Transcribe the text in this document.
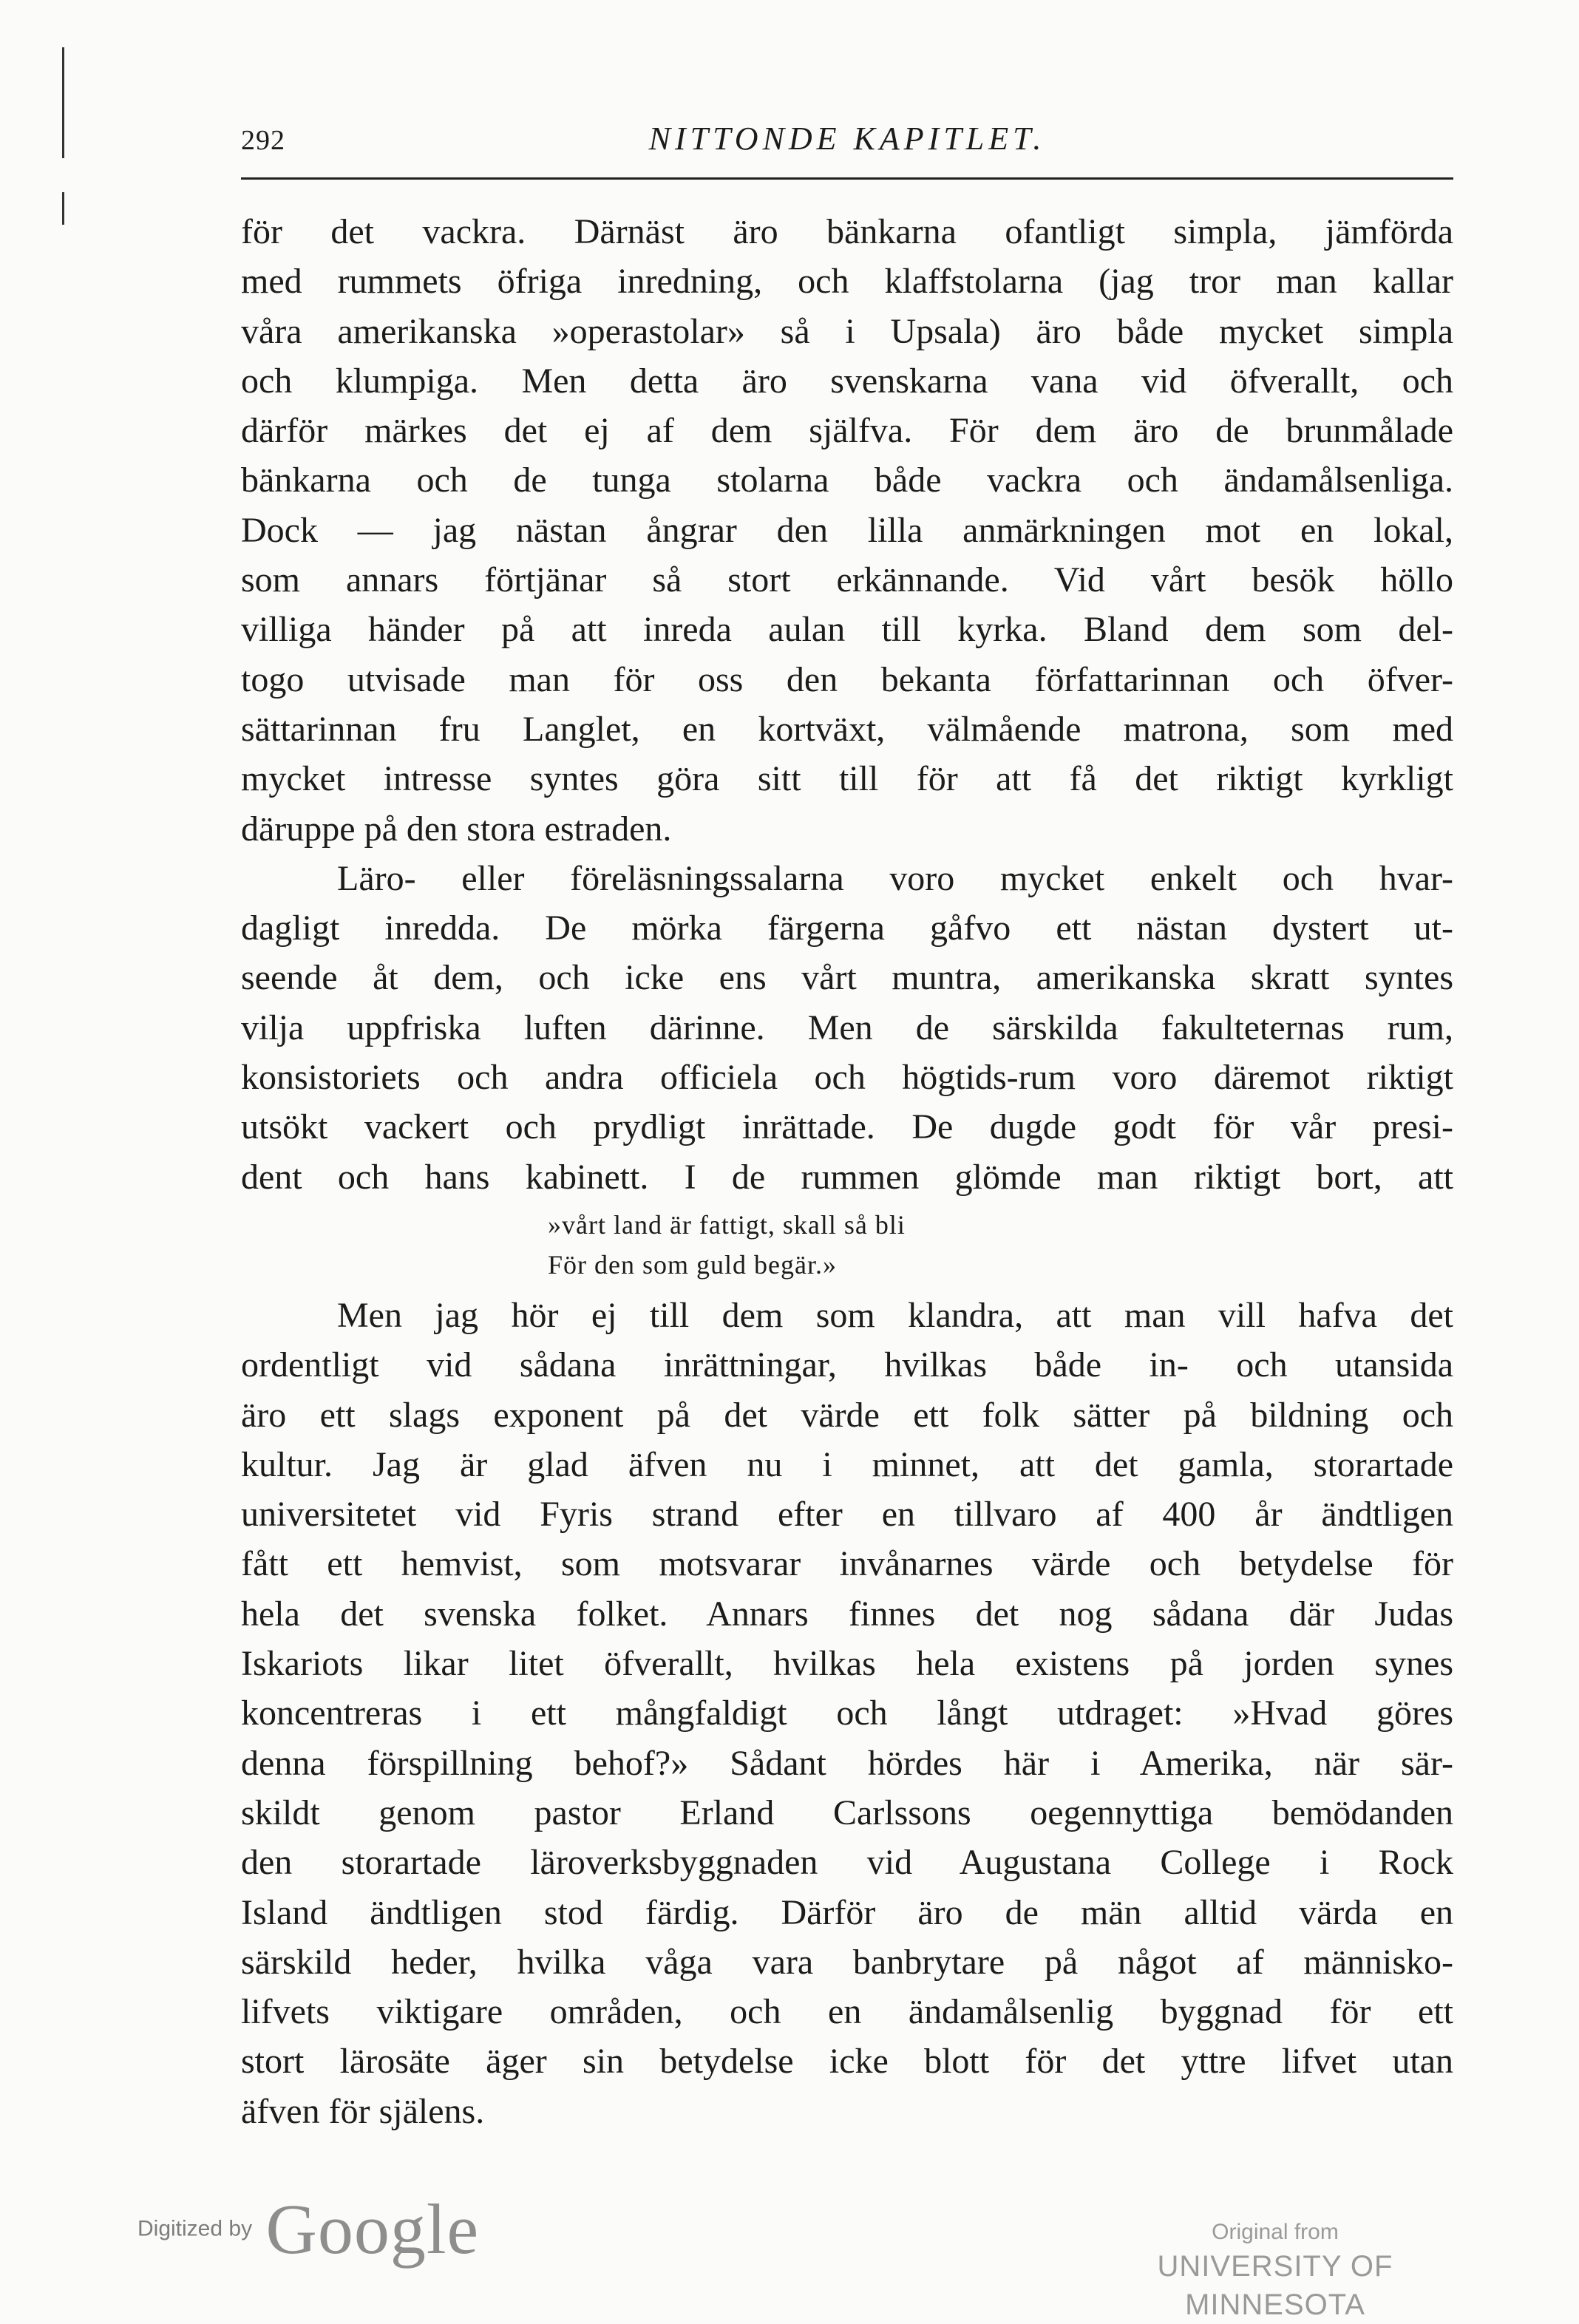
292	NITTONDE KAPITLET.
för det vackra. Därnäst äro bänkarna ofantligt simpla, jämförda
med rummets öfriga inredning, och klaffstolarna (jag tror man kallar
våra amerikanska »operastolar» så i Upsala) äro både mycket simpla
och klumpiga. Men detta äro svenskarna vana vid öfverallt, och
därför märkes det ej af dem själfva. För dem äro de brunmålade
bänkarna och de tunga stolarna både vackra och ändamålsenliga.
Dock — jag nästan ångrar den lilla anmärkningen mot en lokal,
som annars förtjänar så stort erkännande. Vid vårt besök höllo
villiga händer på att inreda aulan till kyrka. Bland dem som del-
togo utvisade man för oss den bekanta författarinnan och öfver-
sättarinnan fru Langlet, en kortväxt, välmående matrona, som med
mycket intresse syntes göra sitt till för att få det riktigt kyrkligt
däruppe på den stora estraden.
Läro- eller föreläsningssalarna voro mycket enkelt och hvar-
dagligt inredda. De mörka färgerna gåfvo ett nästan dystert ut-
seende åt dem, och icke ens vårt muntra, amerikanska skratt syntes
vilja uppfriska luften därinne. Men de särskilda fakulteternas rum,
konsistoriets och andra officiela och högtids-rum voro däremot riktigt
utsökt vackert och prydligt inrättade. De dugde godt för vår presi-
dent och hans kabinett. I de rummen glömde man riktigt bort, att
»vårt land är fattigt, skall så bli
För den som guld begär.»
Men jag hör ej till dem som klandra, att man vill hafva det
ordentligt vid sådana inrättningar, hvilkas både in- och utansida
äro ett slags exponent på det värde ett folk sätter på bildning och
kultur. Jag är glad äfven nu i minnet, att det gamla, storartade
universitetet vid Fyris strand efter en tillvaro af 400 år ändtligen
fått ett hemvist, som motsvarar invånarnes värde och betydelse för
hela det svenska folket. Annars finnes det nog sådana där Judas
Iskariots likar litet öfverallt, hvilkas hela existens på jorden synes
koncentreras i ett mångfaldigt och långt utdraget: »Hvad göres
denna förspillning behof?» Sådant hördes här i Amerika, när sär-
skildt genom pastor Erland Carlssons oegennyttiga bemödanden
den storartade läroverksbyggnaden vid Augustana College i Rock
Island ändtligen stod färdig. Därför äro de män alltid värda en
särskild heder, hvilka våga vara banbrytare på något af människo-
lifvets viktigare områden, och en ändamålsenlig byggnad för ett
stort lärosäte äger sin betydelse icke blott för det yttre lifvet utan
äfven för själens.
Digitized by Google	Original from
UNIVERSITY OF MINNESOTA
